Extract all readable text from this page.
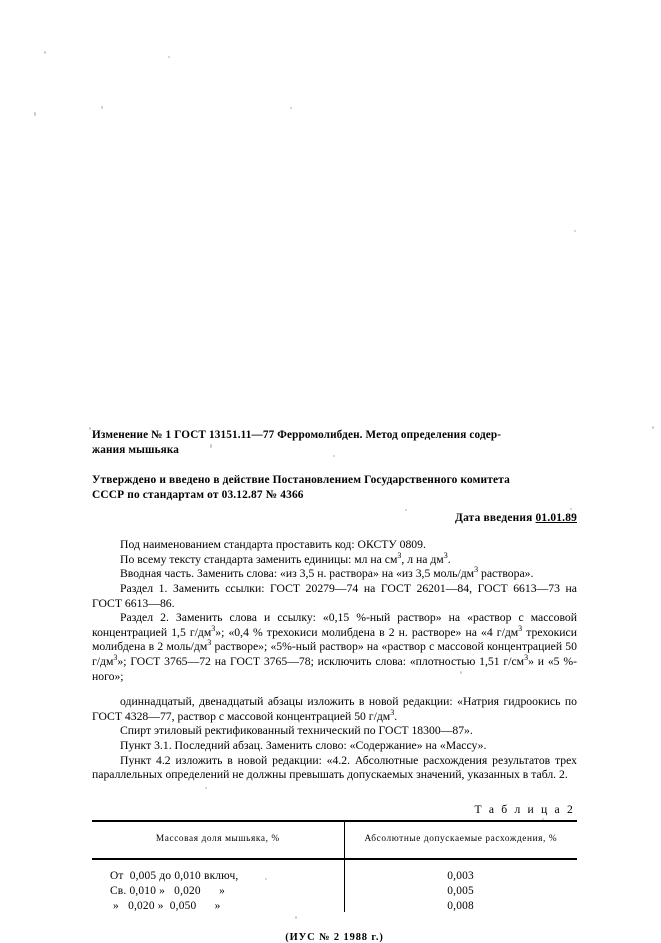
Изменение № 1 ГОСТ 13151.11—77 Ферромолибден. Метод определения содер-
жания мышьяка
Утверждено и введено в действие Постановлением Государственного комитета
СССР по стандартам от 03.12.87 № 4366
Дата введения 01.01.89

Под наименованием стандарта проставить код: ОКСТУ 0809.

По всему тексту стандарта заменить единицы: мл на $см^3$, л на $дм^3$.

Вводная часть. Заменить слова: «из 3,5 н. раствора» на «из 3,5 моль/$дм^3$ раствора».

Раздел 1. Заменить ссылки: ГОСТ 20279—74 на ГОСТ 26201—84, ГОСТ 6613—73 на ГОСТ 6613—86.

Раздел 2. Заменить слова и ссылку: «0,15 %-ный раствор» на «раствор с массовой концентрацией 1,5 $г/дм^3$»; «0,4 % трехокиси молибдена в 2 н. растворе» на «4 $г/дм^3$ трехокиси молибдена в 2 моль/$дм^3$ растворе»; «5%-ный раствор» на «раствор с массовой концентрацией 50 $г/дм^3$»; ГОСТ 3765—72 на ГОСТ 3765—78; исключить слова: «плотностью 1,51 $г/см^3$» и «5 %-ного»;

одиннадцатый, двенадцатый абзацы изложить в новой редакции: «Натрия гидроокись по ГОСТ 4328—77, раствор с массовой концентрацией 50 $г/дм^3$.

Спирт этиловый ректификованный технический по ГОСТ 18300—87».

Пункт 3.1. Последний абзац. Заменить слово: «Содержание» на «Массу».

Пункт 4.2 изложить в новой редакции: «4.2. Абсолютные расхождения результатов трех параллельных определений не должны превышать допускаемых значений, указанных в табл. 2.

Т а б л и ц а 2

Массовая доля мышьяка, %	Абсолютные допускаемые расхождения, %

От  0,005 до 0,010 включ,	0,003
Св. 0,010 »   0,020      »	0,005
»   0,020 »  0,050      »	0,008
(ИУС № 2 1988 г.)
